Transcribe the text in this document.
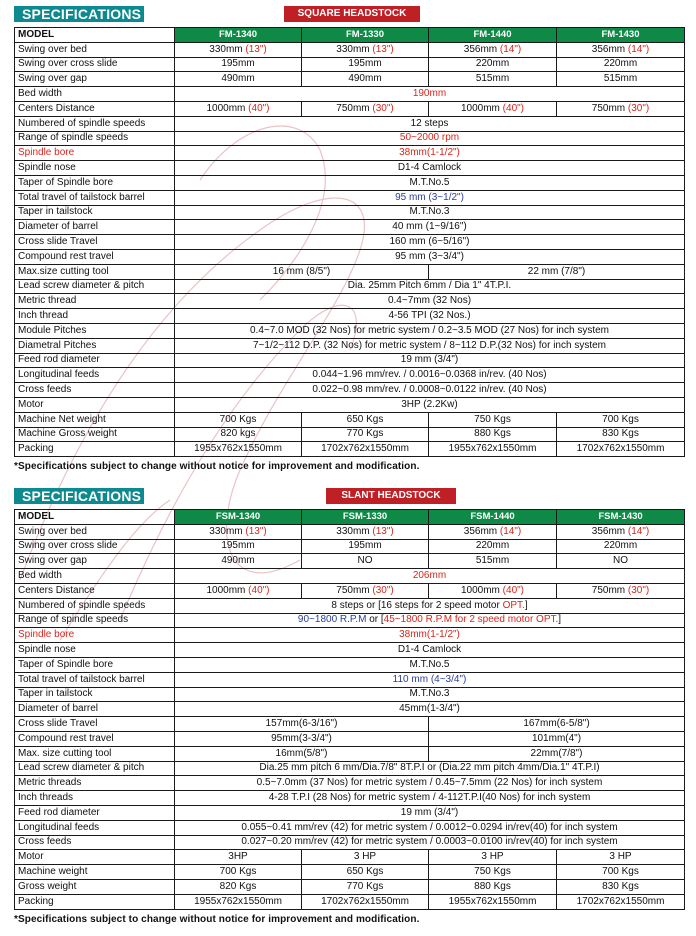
SPECIFICATIONS	SQUARE HEADSTOCK
MODEL	FM-1340	FM-1330	FM-1440	FM-1430
Swing over bed	330mm (13")	330mm (13")	356mm (14")	356mm (14")
Swing over cross slide	195mm	195mm	220mm	220mm
Swing over gap	490mm	490mm	515mm	515mm
Bed width	190mm			
Centers Distance	1000mm (40")	750mm (30")	1000mm (40")	750mm (30")
Numbered of spindle speeds	12 steps			
Range of spindle speeds	50~2000 rpm			
Spindle bore	38mm(1-1/2")			
Spindle nose	D1-4 Camlock			
Taper of Spindle bore	M.T.No.5			
Total travel of tailstock barrel	95 mm (3~1/2")			
Taper in tailstock	M.T.No.3			
Diameter of barrel	40 mm (1~9/16")			
Cross slide Travel	160 mm (6~5/16")			
Compound rest travel	95 mm (3~3/4")			
Max.size cutting tool	16 mm (8/5")		22 mm (7/8")	
Lead screw diameter & pitch	Dia. 25mm Pitch 6mm / Dia 1" 4T.P.I.			
Metric thread	0.4~7mm (32 Nos)			
Inch thread	4-56 TPI (32 Nos.)			
Module Pitches	0.4~7.0 MOD (32 Nos) for metric system / 0.2~3.5 MOD (27 Nos) for inch system			
Diametral Pitches	7~1/2~112 D.P. (32 Nos) for metric system / 8~112 D.P.(32 Nos) for inch system			
Feed rod diameter	19 mm (3/4")			
Longitudinal feeds	0.044~1.96 mm/rev. / 0.0016~0.0368 in/rev. (40 Nos)			
Cross feeds	0.022~0.98 mm/rev. / 0.0008~0.0122 in/rev. (40 Nos)			
Motor	3HP (2.2Kw)			
Machine Net weight	700 Kgs	650 Kgs	750 Kgs	700 Kgs
Machine Gross weight	820 kgs	770 Kgs	880 Kgs	830 Kgs
Packing	1955x762x1550mm	1702x762x1550mm	1955x762x1550mm	1702x762x1550mm
*Specifications subject to change without notice for improvement and modification.
SPECIFICATIONS	SLANT HEADSTOCK
MODEL	FSM-1340	FSM-1330	FSM-1440	FSM-1430
Swing over bed	330mm (13")	330mm (13")	356mm (14")	356mm (14")
Swing over cross slide	195mm	195mm	220mm	220mm
Swing over gap	490mm	NO	515mm	NO
Bed width	206mm			
Centers Distance	1000mm (40")	750mm (30")	1000mm (40")	750mm (30")
Numbered of spindle speeds	8 steps or [16 steps for 2 speed motor OPT.]			
Range of spindle speeds	90~1800 R.P.M or [45~1800 R.P.M for 2 speed motor OPT.]			
Spindle bore	38mm(1-1/2")			
Spindle nose	D1-4 Camlock			
Taper of Spindle bore	M.T.No.5			
Total travel of tailstock barrel	110 mm (4~3/4")			
Taper in tailstock	M.T.No.3			
Diameter of barrel	45mm(1-3/4")			
Cross slide Travel	157mm(6-3/16")		167mm(6-5/8")	
Compound rest travel	95mm(3-3/4")		101mm(4")	
Max. size cutting tool	16mm(5/8")		22mm(7/8")	
Lead screw diameter & pitch	Dia.25 mm pitch 6 mm/Dia.7/8" 8T.P.I or (Dia.22 mm pitch 4mm/Dia.1" 4T.P.I)			
Metric threads	0.5~7.0mm (37 Nos) for metric system / 0.45~7.5mm (22 Nos) for inch system			
Inch threads	4-28 T.P.I (28 Nos) for metric system / 4-112T.P.I(40 Nos) for inch system			
Feed rod diameter	19 mm (3/4")			
Longitudinal feeds	0.055~0.41 mm/rev (42) for metric system / 0.0012~0.0294 in/rev(40) for inch system			
Cross feeds	0.027~0.20 mm/rev (42) for metric system / 0.0003~0.0100 in/rev(40) for inch system			
Motor	3HP	3 HP	3 HP	3 HP
Machine weight	700 Kgs	650 Kgs	750 Kgs	700 Kgs
Gross weight	820 Kgs	770 Kgs	880 Kgs	830 Kgs
Packing	1955x762x1550mm	1702x762x1550mm	1955x762x1550mm	1702x762x1550mm
*Specifications subject to change without notice for improvement and modification.
